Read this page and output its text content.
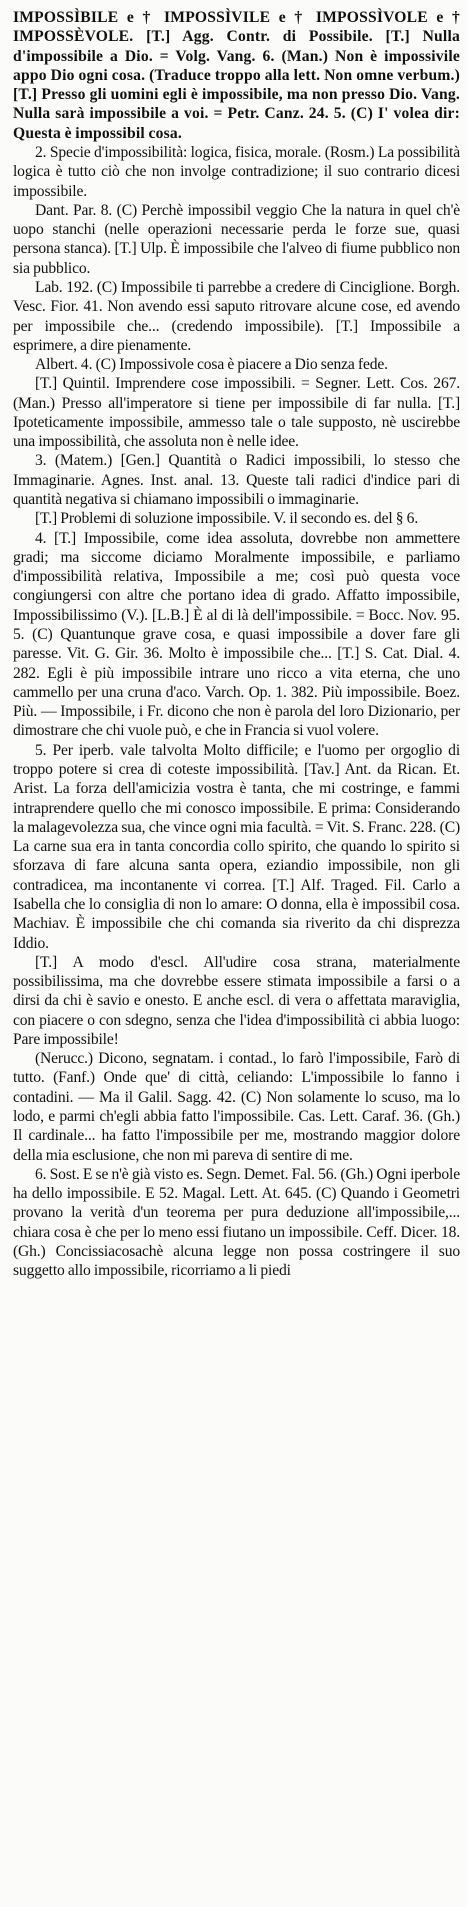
IMPOSSÌBILE e † IMPOSSÌVILE e † IMPOSSÌVOLE e † IMPOSSÈVOLE. [T.] Agg. Contr. di Possibile. [T.] Nulla d'impossibile a Dio. = Volg. Vang. 6. (Man.) Non è impossivile appo Dio ogni cosa. (Traduce troppo alla lett. Non omne verbum.) [T.] Presso gli uomini egli è impossibile, ma non presso Dio. Vang. Nulla sarà impossibile a voi. = Petr. Canz. 24. 5. (C) I' volea dir: Questa è impossibil cosa.

2. Specie d'impossibilità: logica, fisica, morale. (Rosm.) La possibilità logica è tutto ciò che non involge contradizione; il suo contrario dicesi impossibile.

Dant. Par. 8. (C) Perchè impossibil veggio Che la natura in quel ch'è uopo stanchi (nelle operazioni necessarie perda le forze sue, quasi persona stanca). [T.] Ulp. È impossibile che l'alveo di fiume pubblico non sia pubblico.

Lab. 192. (C) Impossibile ti parrebbe a credere di Cinciglione. Borgh. Vesc. Fior. 41. Non avendo essi saputo ritrovare alcune cose, ed avendo per impossibile che... (credendo impossibile). [T.] Impossibile a esprimere, a dire pienamente.

Albert. 4. (C) Impossivole cosa è piacere a Dio senza fede.

[T.] Quintil. Imprendere cose impossibili. = Segner. Lett. Cos. 267. (Man.) Presso all'imperatore si tiene per impossibile di far nulla. [T.] Ipoteticamente impossibile, ammesso tale o tale supposto, nè uscirebbe una impossibilità, che assoluta non è nelle idee.

3. (Matem.) [Gen.] Quantità o Radici impossibili, lo stesso che Immaginarie. Agnes. Inst. anal. 13. Queste tali radici d'indice pari di quantità negativa si chiamano impossibili o immaginarie.

[T.] Problemi di soluzione impossibile. V. il secondo es. del § 6.

4. [T.] Impossibile, come idea assoluta, dovrebbe non ammettere gradi; ma siccome diciamo Moralmente impossibile, e parliamo d'impossibilità relativa, Impossibile a me; così può questa voce congiungersi con altre che portano idea di grado. Affatto impossibile, Impossibilissimo (V.). [L.B.] È al di là dell'impossibile. = Bocc. Nov. 95. 5. (C) Quantunque grave cosa, e quasi impossibile a dover fare gli paresse. Vit. G. Gir. 36. Molto è impossibile che... [T.] S. Cat. Dial. 4. 282. Egli è più impossibile intrare uno ricco a vita eterna, che uno cammello per una cruna d'aco. Varch. Op. 1. 382. Più impossibile. Boez. Più. — Impossibile, i Fr. dicono che non è parola del loro Dizionario, per dimostrare che chi vuole può, e che in Francia si vuol volere.

5. Per iperb. vale talvolta Molto difficile; e l'uomo per orgoglio di troppo potere si crea di coteste impossibilità. [Tav.] Ant. da Rican. Et. Arist. La forza dell'amicizia vostra è tanta, che mi costringe, e fammi intraprendere quello che mi conosco impossibile. E prima: Considerando la malagevolezza sua, che vince ogni mia facultà. = Vit. S. Franc. 228. (C) La carne sua era in tanta concordia collo spirito, che quando lo spirito si sforzava di fare alcuna santa opera, eziandio impossibile, non gli contradicea, ma incontanente vi correa. [T.] Alf. Traged. Fil. Carlo a Isabella che lo consiglia di non lo amare: O donna, ella è impossibil cosa. Machiav. È impossibile che chi comanda sia riverito da chi disprezza Iddio.

[T.] A modo d'escl. All'udire cosa strana, materialmente possibilissima, ma che dovrebbe essere stimata impossibile a farsi o a dirsi da chi è savio e onesto. E anche escl. di vera o affettata maraviglia, con piacere o con sdegno, senza che l'idea d'impossibilità ci abbia luogo: Pare impossibile!

(Nerucc.) Dicono, segnatam. i contad., lo farò l'impossibile, Farò di tutto. (Fanf.) Onde que' di città, celiando: L'impossibile lo fanno i contadini. — Ma il Galil. Sagg. 42. (C) Non solamente lo scuso, ma lo lodo, e parmi ch'egli abbia fatto l'impossibile. Cas. Lett. Caraf. 36. (Gh.) Il cardinale... ha fatto l'impossibile per me, mostrando maggior dolore della mia esclusione, che non mi pareva di sentire di me.

6. Sost. E se n'è già visto es. Segn. Demet. Fal. 56. (Gh.) Ogni iperbole ha dello impossibile. E 52. Magal. Lett. At. 645. (C) Quando i Geometri provano la verità d'un teorema per pura deduzione all'impossibile,... chiara cosa è che per lo meno essi fiutano un impossibile. Ceff. Dicer. 18. (Gh.) Concissiacosachè alcuna legge non possa costringere il suo suggetto allo impossibile, ricorriamo a li piedi
